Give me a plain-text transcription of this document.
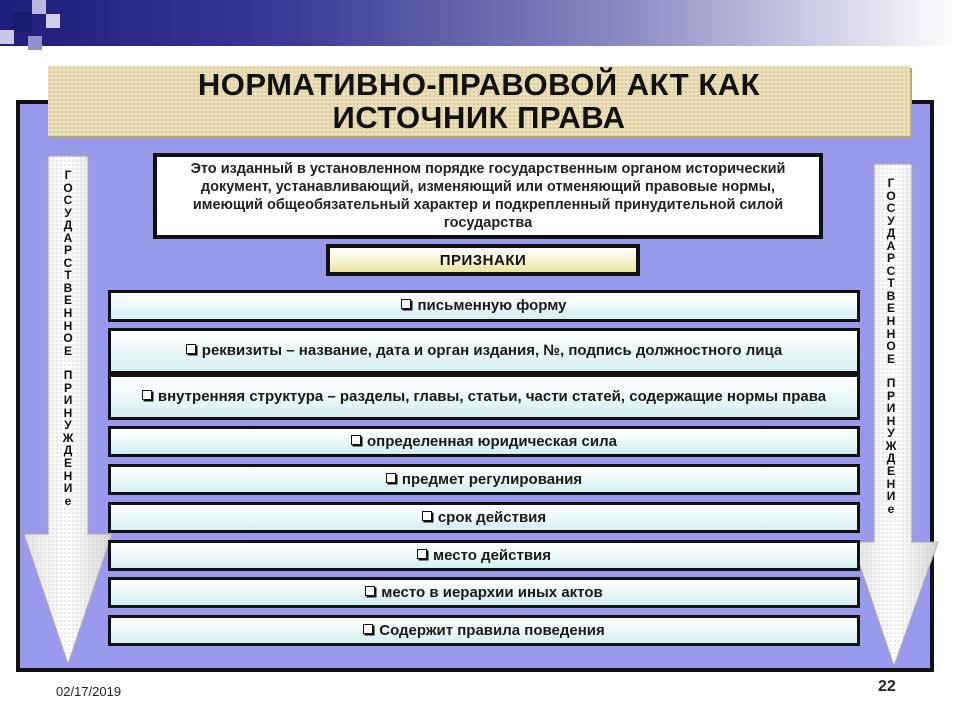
НОРМАТИВНО-ПРАВОВОЙ АКТ КАК
ИСТОЧНИК ПРАВА
Г
О
С
У
Д
А
Р
С
Т
В
Е
Н
Н
О
Е
П
Р
И
Н
У
Ж
Д
Е
Н
И
е
Г
О
С
У
Д
А
Р
С
Т
В
Е
Н
Н
О
Е
П
Р
И
Н
У
Ж
Д
Е
Н
И
е
Это изданный в установленном порядке государственным органом исторический документ, устанавливающий, изменяющий или отменяющий правовые нормы, имеющий общеобязательный характер и подкрепленный принудительной силой государства
ПРИЗНАКИ
письменную форму
реквизиты – название, дата и орган издания, №, подпись должностного лица
внутренняя структура – разделы, главы, статьи, части статей, содержащие нормы права
определенная юридическая сила
предмет регулирования
срок действия
место действия
место в иерархии иных актов
Содержит правила поведения
02/17/2019	22
